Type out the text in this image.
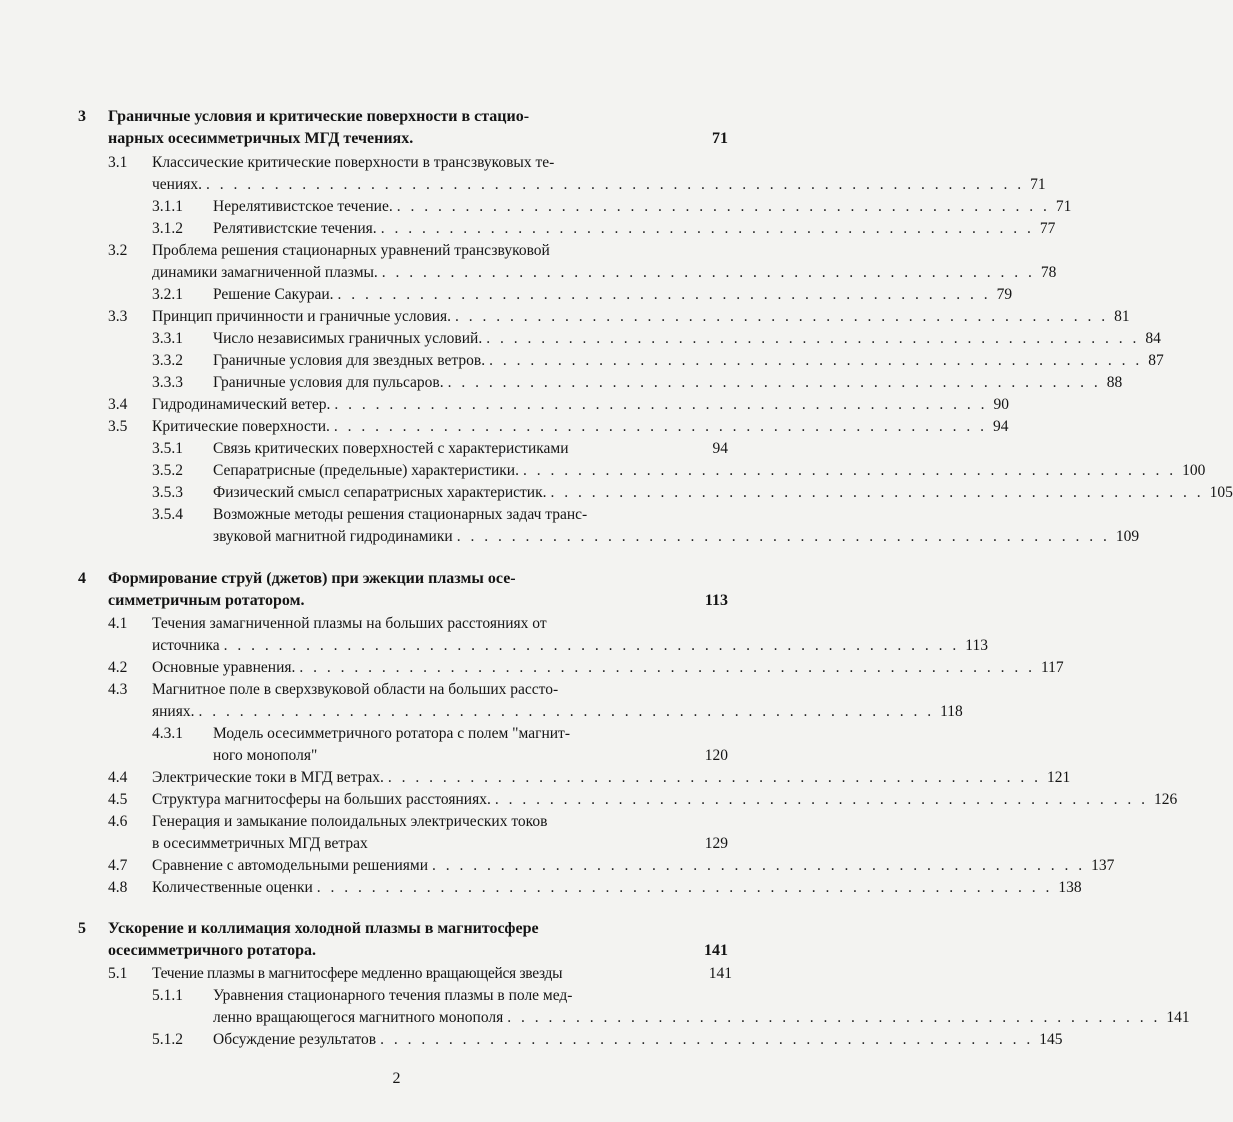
3 Граничные условия и критические поверхности в стацио-
нарных осесимметричных МГД течениях.	71
3.1 Классические критические поверхности в трансзвуковых те-
чениях. . . . . . . . . . . . . . . . . . . . . . . . . . . . . . . . . . . . . . . . . . . . . . . . . . . . . . . . . . . . . 71
3.1.1	Нерелятивистское течение. . . . . . . . . . . . . . . . . . . . . . . . . . . . . . . . . . . . . . . . . . . . . . . . . 71
3.1.2	Релятивистские течения. . . . . . . . . . . . . . . . . . . . . . . . . . . . . . . . . . . . . . . . . . . . . . . . . 77
3.2 Проблема решения стационарных уравнений трансзвуковой
динамики замагниченной плазмы. . . . . . . . . . . . . . . . . . . . . . . . . . . . . . . . . . . . . . . . . . . . . . . . . 78
3.2.1	Решение Сакураи. . . . . . . . . . . . . . . . . . . . . . . . . . . . . . . . . . . . . . . . . . . . . . . . . 79
3.3	Принцип причинности и граничные условия. . . . . . . . . . . . . . . . . . . . . . . . . . . . . . . . . . . . . . . . . . . . . . . . . 81
3.3.1	Число независимых граничных условий. . . . . . . . . . . . . . . . . . . . . . . . . . . . . . . . . . . . . . . . . . . . . . . . . 84
3.3.2	Граничные условия для звездных ветров. . . . . . . . . . . . . . . . . . . . . . . . . . . . . . . . . . . . . . . . . . . . . . . . . 87
3.3.3	Граничные условия для пульсаров. . . . . . . . . . . . . . . . . . . . . . . . . . . . . . . . . . . . . . . . . . . . . . . . . 88
3.4	Гидродинамический ветер. . . . . . . . . . . . . . . . . . . . . . . . . . . . . . . . . . . . . . . . . . . . . . . . . 90
3.5	Критические поверхности. . . . . . . . . . . . . . . . . . . . . . . . . . . . . . . . . . . . . . . . . . . . . . . . . 94
3.5.1	Связь критических поверхностей с характеристиками	94
3.5.2	Сепаратрисные (предельные) характеристики. . . . . . . . . . . . . . . . . . . . . . . . . . . . . . . . . . . . . . . . . . . . . . . . . 100
3.5.3	Физический смысл сепаратрисных характеристик. . . . . . . . . . . . . . . . . . . . . . . . . . . . . . . . . . . . . . . . . . . . . . . . . 105
3.5.4 Возможные методы решения стационарных задач транс-
звуковой магнитной гидродинамики . . . . . . . . . . . . . . . . . . . . . . . . . . . . . . . . . . . . . . . . . . . . . . . . 109
4 Формирование струй (джетов) при эжекции плазмы осе-
симметричным ротатором.	113
4.1 Течения замагниченной плазмы на больших расстояниях от
источника . . . . . . . . . . . . . . . . . . . . . . . . . . . . . . . . . . . . . . . . . . . . . . . . . . . . . . 113
4.2	Основные уравнения. . . . . . . . . . . . . . . . . . . . . . . . . . . . . . . . . . . . . . . . . . . . . . . . . . . . . . . 117
4.3 Магнитное поле в сверхзвуковой области на больших рассто-
яниях. . . . . . . . . . . . . . . . . . . . . . . . . . . . . . . . . . . . . . . . . . . . . . . . . . . . . . . 118
4.3.1 Модель осесимметричного ротатора с полем "магнит-
ного монополя"	120
4.4	Электрические токи в МГД ветрах. . . . . . . . . . . . . . . . . . . . . . . . . . . . . . . . . . . . . . . . . . . . . . . . . 121
4.5	Структура магнитосферы на больших расстояниях. . . . . . . . . . . . . . . . . . . . . . . . . . . . . . . . . . . . . . . . . . . . . . . . . 126
4.6 Генерация и замыкание полоидальных электрических токов
в осесимметричных МГД ветрах	129
4.7	Сравнение с автомодельными решениями . . . . . . . . . . . . . . . . . . . . . . . . . . . . . . . . . . . . . . . . . . . . . . . . 137
4.8	Количественные оценки . . . . . . . . . . . . . . . . . . . . . . . . . . . . . . . . . . . . . . . . . . . . . . . . . . . . . . 138
5 Ускорение и коллимация холодной плазмы в магнитосфере
осесимметричного ротатора.	141
5.1	Течение плазмы в магнитосфере медленно вращающейся звезды	141
5.1.1 Уравнения стационарного течения плазмы в поле мед-
ленно вращающегося магнитного монополя . . . . . . . . . . . . . . . . . . . . . . . . . . . . . . . . . . . . . . . . . . . . . . . . 141
5.1.2	Обсуждение результатов . . . . . . . . . . . . . . . . . . . . . . . . . . . . . . . . . . . . . . . . . . . . . . . . 145
2
